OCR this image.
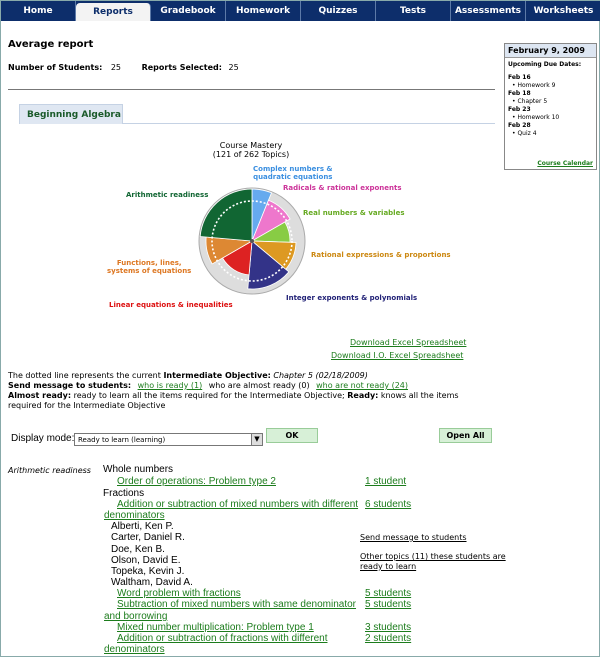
Home	Reports	Gradebook	Homework	Quizzes	Tests	Assessments	Worksheets
Average report
Number of Students: 25	Reports Selected: 25
February 9, 2009
Upcoming Due Dates:
Feb 16
• Homework 9
Feb 18
• Chapter 5
Feb 23
• Homework 10
Feb 28
• Quiz 4
Course Calendar
Beginning Algebra
Course Mastery
(121 of 262 Topics)
Complex numbers &
quadratic equations
Radicals & rational exponents
Real numbers & variables
Rational expressions & proportions
Integer exponents & polynomials
Linear equations & inequalities
Functions, lines,
systems of equations
Arithmetic readiness
Download Excel Spreadsheet
Download I.O. Excel Spreadsheet
The dotted line represents the current Intermediate Objective: Chapter 5 (02/18/2009)
Send message to students: who is ready (1) who are almost ready (0) who are not ready (24)
Almost ready: ready to learn all the items required for the Intermediate Objective; Ready: knows all the items
required for the Intermediate Objective
Display mode: Ready to learn (learning)	▼	OK	Open All
Arithmetic readiness Whole numbers
Order of operations: Problem type 2	1 student
Fractions
Addition or subtraction of mixed numbers with different
denominators
6 students
Alberti, Ken P.
Carter, Daniel R.
Doe, Ken B.
Olson, David E.
Topeka, Kevin J.
Waltham, David A.
Send message to students
Other topics (11) these students are
ready to learn
Word problem with fractions	5 students
Subtraction of mixed numbers with same denominator
and borrowing
5 students
Mixed number multiplication: Problem type 1	3 students
Addition or subtraction of fractions with different
denominators
2 students
